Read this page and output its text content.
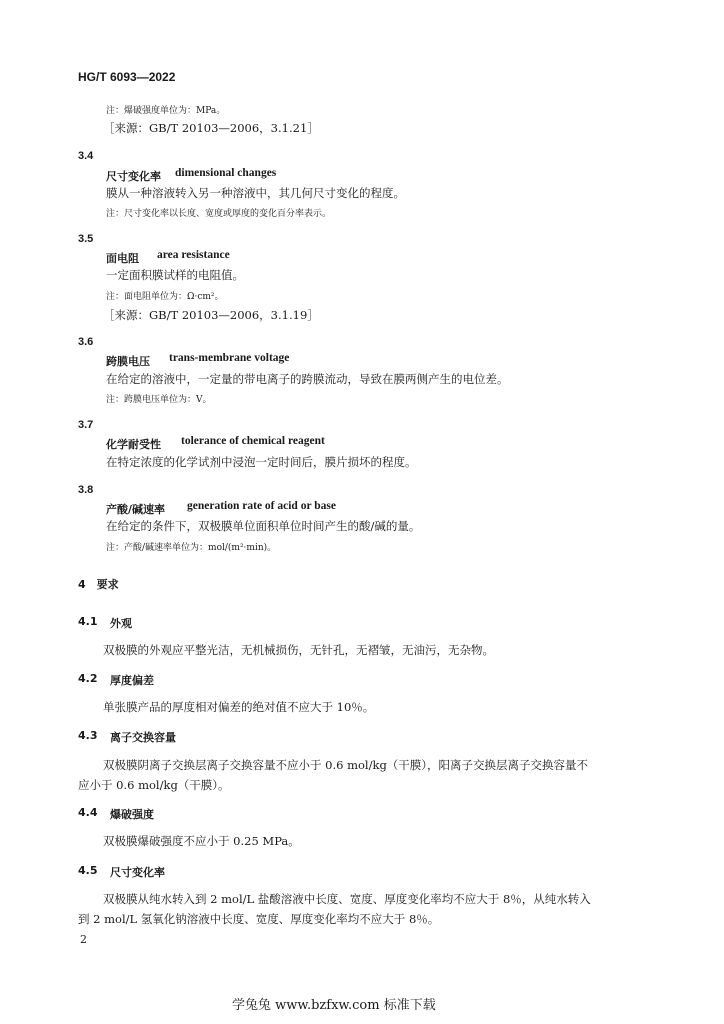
HG/T 6093—2022
注：爆破强度单位为：MPa。
［来源：GB/T 20103—2006，3.1.21］
3.4
尺寸变化率 dimensional changes
膜从一种溶液转入另一种溶液中，其几何尺寸变化的程度。
注：尺寸变化率以长度、宽度或厚度的变化百分率表示。
3.5
面电阻 area resistance
一定面积膜试样的电阻值。
注：面电阻单位为：Ω·cm²。
［来源：GB/T 20103—2006，3.1.19］
3.6
跨膜电压 trans-membrane voltage
在给定的溶液中，一定量的带电离子的跨膜流动，导致在膜两侧产生的电位差。
注：跨膜电压单位为：V。
3.7
化学耐受性 tolerance of chemical reagent
在特定浓度的化学试剂中浸泡一定时间后，膜片损坏的程度。
3.8
产酸/碱速率 generation rate of acid or base
在给定的条件下，双极膜单位面积单位时间产生的酸/碱的量。
注：产酸/碱速率单位为：mol/(m²·min)。
4　要求
4.1 外观
双极膜的外观应平整光洁，无机械损伤，无针孔，无褶皱，无油污，无杂物。
4.2 厚度偏差
单张膜产品的厚度相对偏差的绝对值不应大于 10％。
4.3 离子交换容量
双极膜阴离子交换层离子交换容量不应小于 0.6 mol/kg（干膜），阳离子交换层离子交换容量不
应小于 0.6 mol/kg（干膜）。
4.4 爆破强度
双极膜爆破强度不应小于 0.25 MPa。
4.5 尺寸变化率
双极膜从纯水转入到 2 mol/L 盐酸溶液中长度、宽度、厚度变化率均不应大于 8％，从纯水转入
到 2 mol/L 氢氧化钠溶液中长度、宽度、厚度变化率均不应大于 8％。
2
学兔兔 www.bzfxw.com 标准下载
